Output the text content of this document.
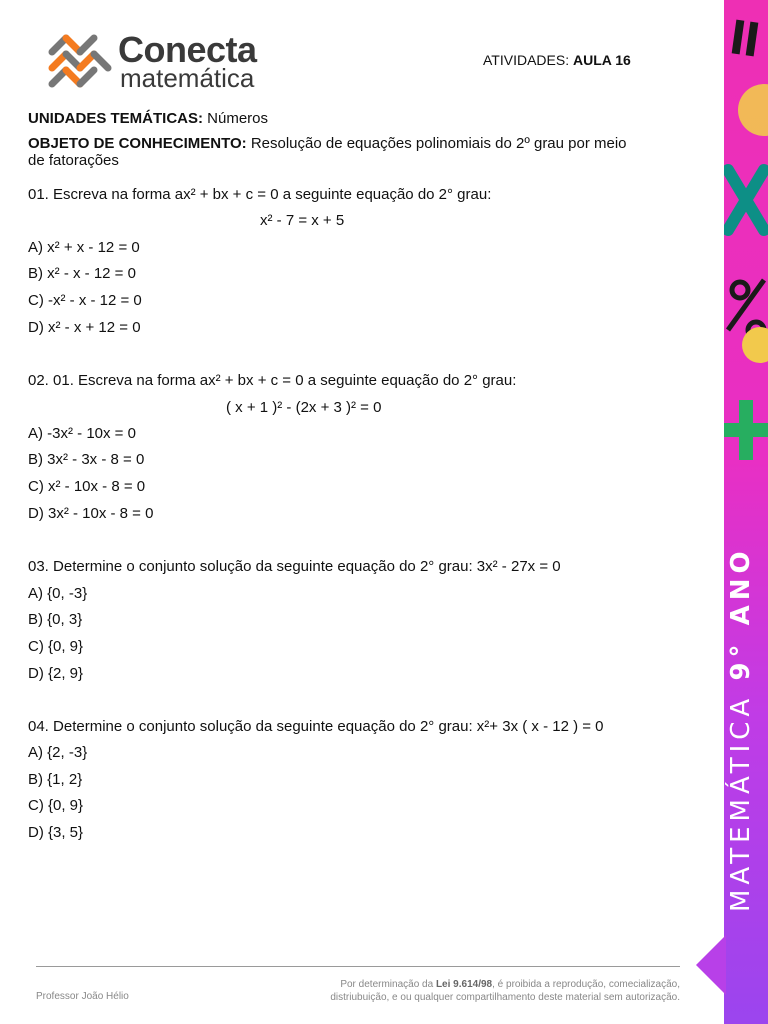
Conecta
matemática
ATIVIDADES: AULA 16
UNIDADES TEMÁTICAS: Números
OBJETO DE CONHECIMENTO: Resolução de equações polinomiais do 2º grau por meio
de fatorações
01. Escreva na forma ax² + bx + c = 0 a seguinte equação do 2° grau:
x² - 7 = x + 5
A) x² + x - 12 = 0
B) x² - x - 12 = 0
C) -x² - x - 12 = 0
D) x² - x + 12 = 0
02. 01. Escreva na forma ax² + bx + c = 0 a seguinte equação do 2° grau:
( x + 1 )² - (2x + 3 )² = 0
A) -3x² - 10x = 0
B) 3x² - 3x - 8 = 0
C) x² - 10x - 8 = 0
D) 3x² - 10x - 8 = 0
03. Determine o conjunto solução da seguinte equação do 2° grau: 3x² - 27x = 0
A) {0, -3}
B) {0, 3}
C) {0, 9}
D) {2, 9}
04. Determine o conjunto solução da seguinte equação do 2° grau: x²+ 3x ( x - 12 ) = 0
A) {2, -3}
B) {1, 2}
C) {0, 9}
D) {3, 5}	MATEMÁTICA 9° ANO
Professor João Hélio
Por determinação da Lei 9.614/98, é proibida a reprodução, comecialização,
distriubuição, e ou qualquer compartilhamento deste material sem autorização.
